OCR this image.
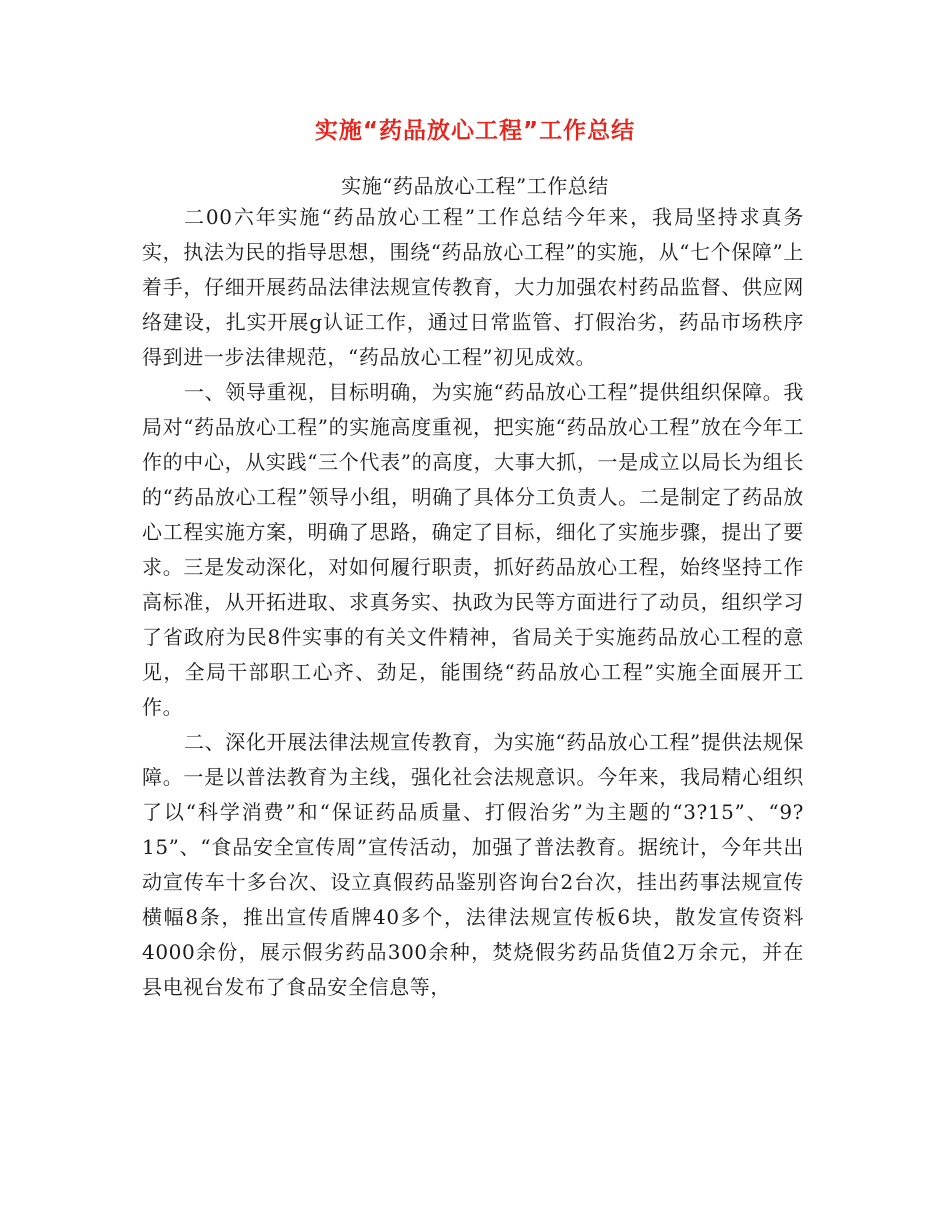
实施“药品放心工程”工作总结
实施“药品放心工程”工作总结

二00六年实施“药品放心工程”工作总结今年来，我局坚持求真务实，执法为民的指导思想，围绕“药品放心工程”的实施，从“七个保障”上着手，仔细开展药品法律法规宣传教育，大力加强农村药品监督、供应网络建设，扎实开展g认证工作，通过日常监管、打假治劣，药品市场秩序得到进一步法律规范，“药品放心工程”初见成效。

一、领导重视，目标明确，为实施“药品放心工程”提供组织保障。我局对“药品放心工程”的实施高度重视，把实施“药品放心工程”放在今年工作的中心，从实践“三个代表”的高度，大事大抓，一是成立以局长为组长的“药品放心工程”领导小组，明确了具体分工负责人。二是制定了药品放心工程实施方案，明确了思路，确定了目标，细化了实施步骤，提出了要求。三是发动深化，对如何履行职责，抓好药品放心工程，始终坚持工作高标准，从开拓进取、求真务实、执政为民等方面进行了动员，组织学习了省政府为民8件实事的有关文件精神，省局关于实施药品放心工程的意见，全局干部职工心齐、劲足，能围绕“药品放心工程”实施全面展开工作。

二、深化开展法律法规宣传教育，为实施“药品放心工程”提供法规保障。一是以普法教育为主线，强化社会法规意识。今年来，我局精心组织了以“科学消费”和“保证药品质量、打假治劣”为主题的“3?15”、“9?15”、“食品安全宣传周”宣传活动，加强了普法教育。据统计，今年共出动宣传车十多台次、设立真假药品鉴别咨询台2台次，挂出药事法规宣传横幅8条，推出宣传盾牌40多个，法律法规宣传板6块，散发宣传资料4000余份，展示假劣药品300余种，焚烧假劣药品货值2万余元，并在县电视台发布了食品安全信息等，
